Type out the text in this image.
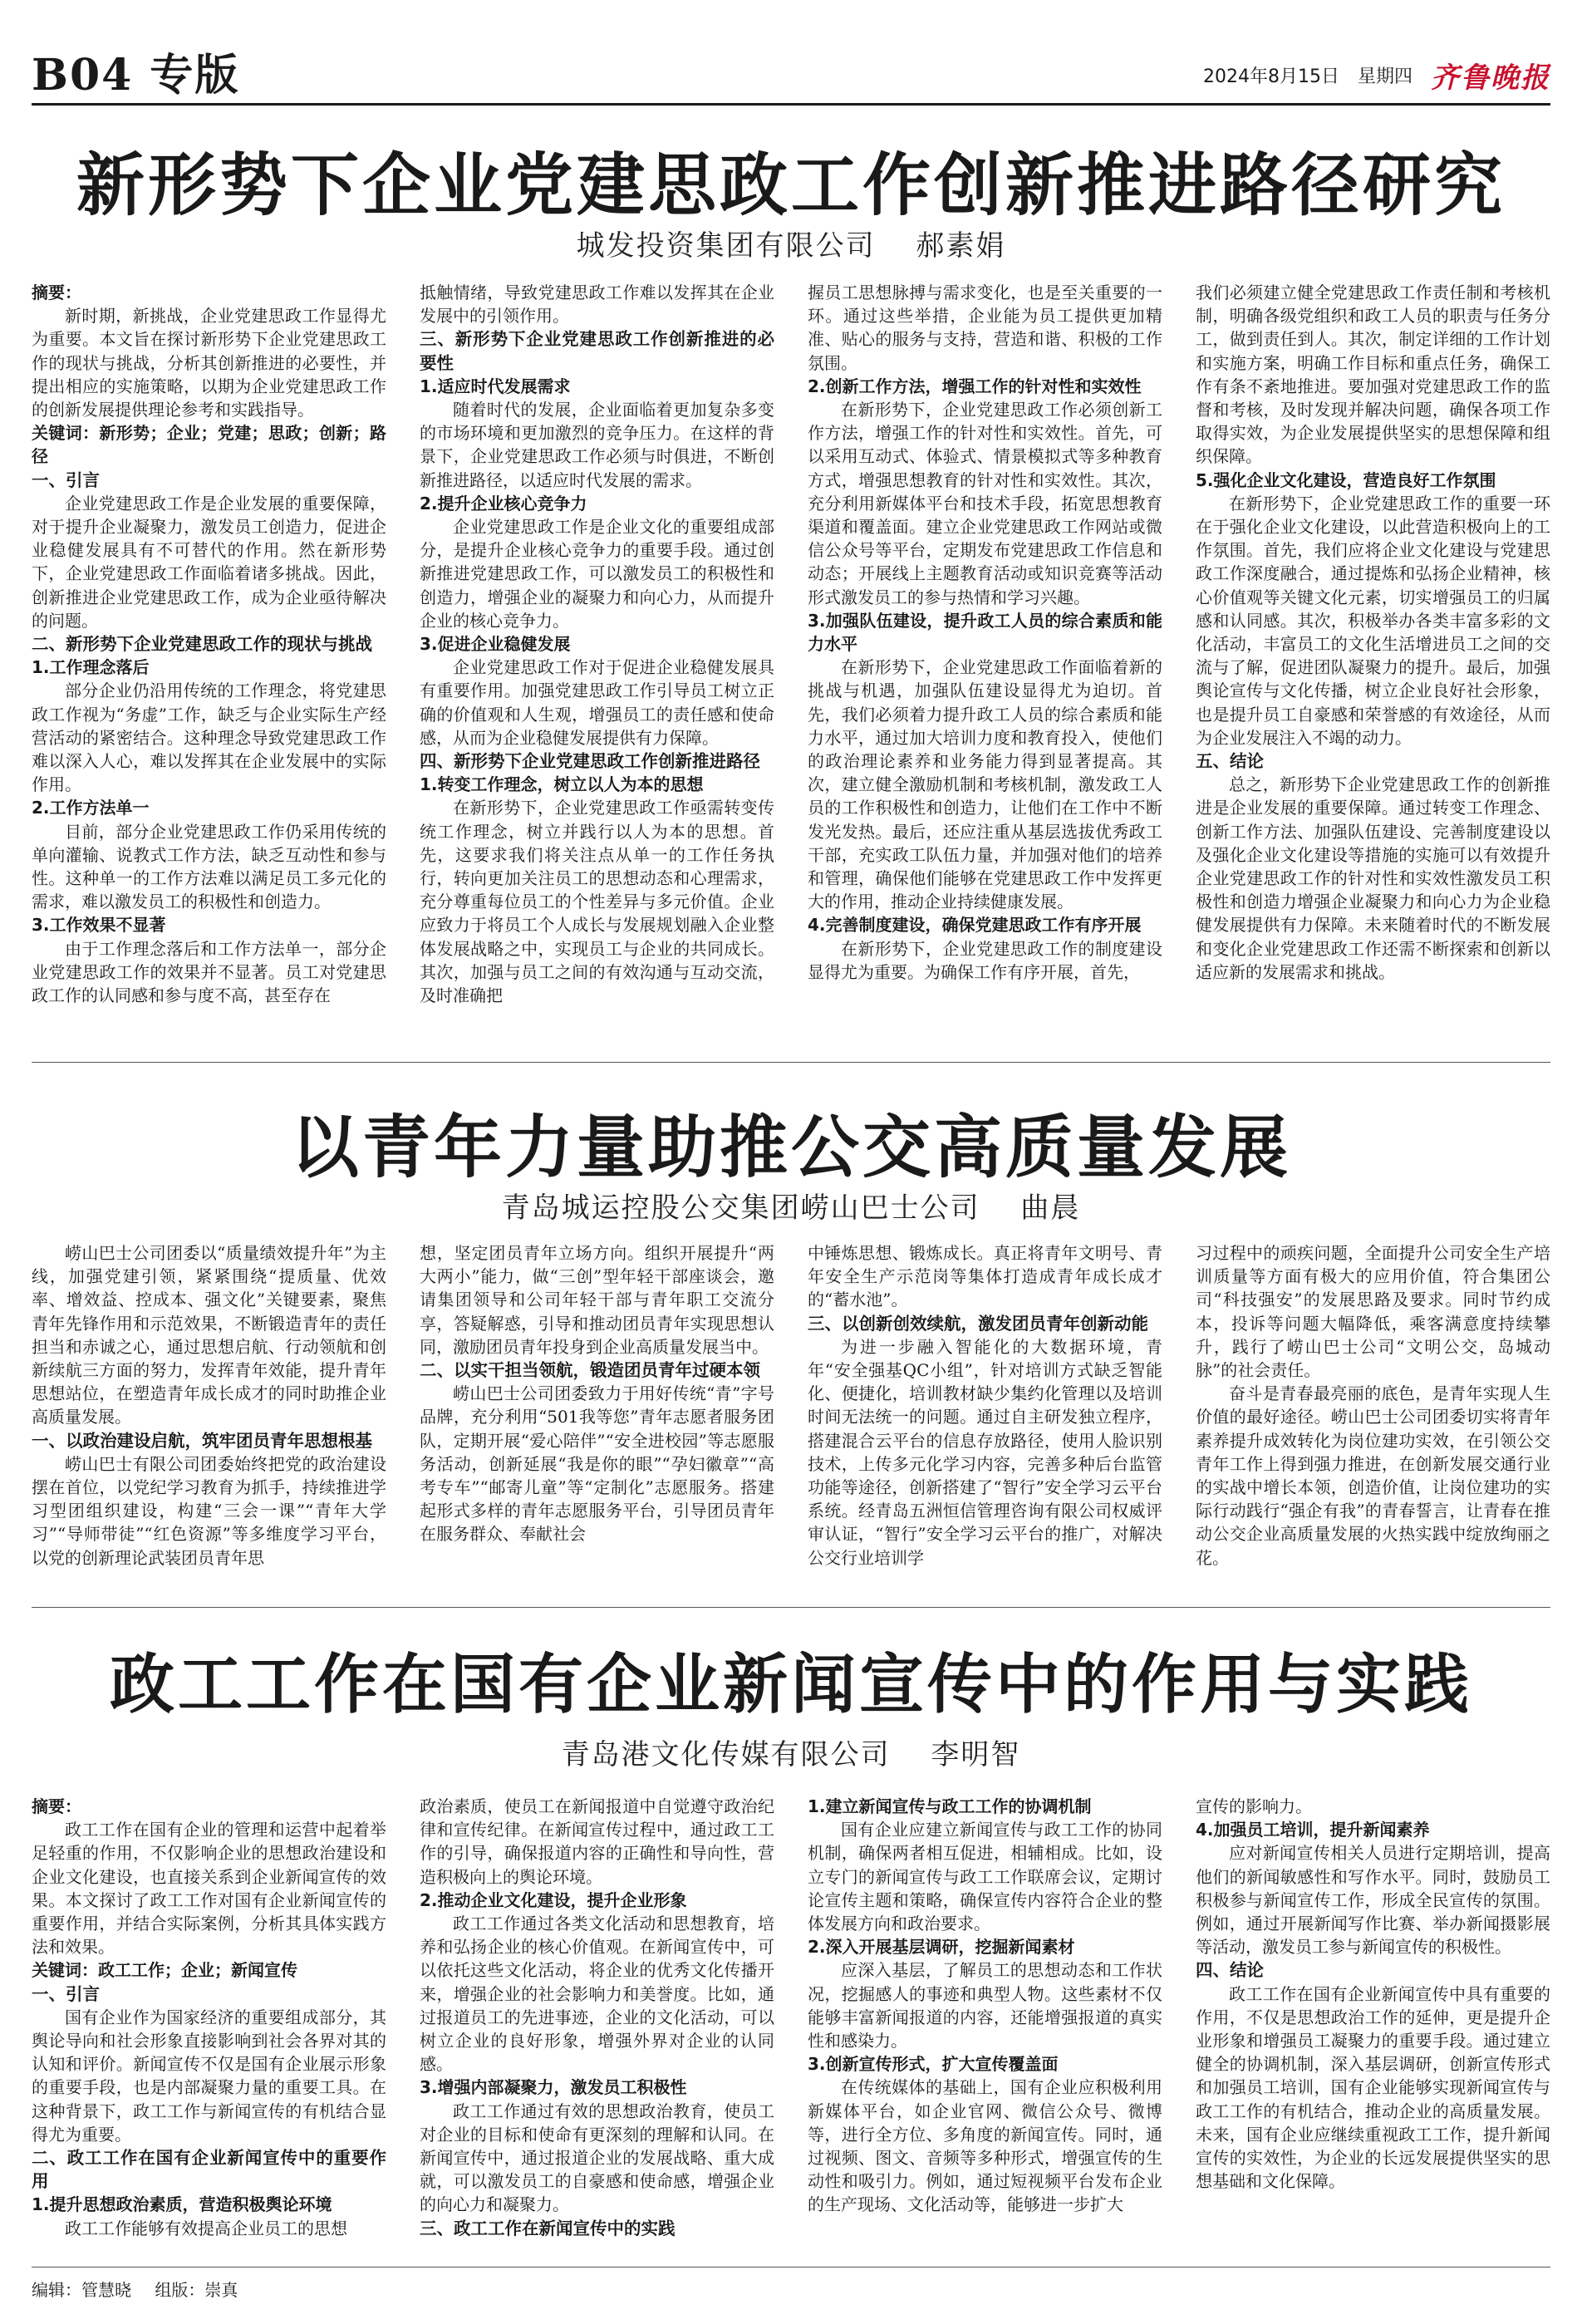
B04 专版	2024年8月15日 星期四 齐鲁晚报
新形势下企业党建思政工作创新推进路径研究
城发投资集团有限公司 郝素娟

摘要：

新时期，新挑战，企业党建思政工作显得尤为重要。本文旨在探讨新形势下企业党建思政工作的现状与挑战，分析其创新推进的必要性，并提出相应的实施策略，以期为企业党建思政工作的创新发展提供理论参考和实践指导。

关键词：新形势；企业；党建；思政；创新；路径

一、引言

企业党建思政工作是企业发展的重要保障，对于提升企业凝聚力，激发员工创造力，促进企业稳健发展具有不可替代的作用。然在新形势下，企业党建思政工作面临着诸多挑战。因此，创新推进企业党建思政工作，成为企业亟待解决的问题。

二、新形势下企业党建思政工作的现状与挑战
1.工作理念落后

部分企业仍沿用传统的工作理念，将党建思政工作视为“务虚”工作，缺乏与企业实际生产经营活动的紧密结合。这种理念导致党建思政工作难以深入人心，难以发挥其在企业发展中的实际作用。

2.工作方法单一

目前，部分企业党建思政工作仍采用传统的单向灌输、说教式工作方法，缺乏互动性和参与性。这种单一的工作方法难以满足员工多元化的需求，难以激发员工的积极性和创造力。

3.工作效果不显著

由于工作理念落后和工作方法单一，部分企业党建思政工作的效果并不显著。员工对党建思政工作的认同感和参与度不高，甚至存在

抵触情绪，导致党建思政工作难以发挥其在企业发展中的引领作用。

三、新形势下企业党建思政工作创新推进的必要性
1.适应时代发展需求

随着时代的发展，企业面临着更加复杂多变的市场环境和更加激烈的竞争压力。在这样的背景下，企业党建思政工作必须与时俱进，不断创新推进路径，以适应时代发展的需求。

2.提升企业核心竞争力

企业党建思政工作是企业文化的重要组成部分，是提升企业核心竞争力的重要手段。通过创新推进党建思政工作，可以激发员工的积极性和创造力，增强企业的凝聚力和向心力，从而提升企业的核心竞争力。

3.促进企业稳健发展

企业党建思政工作对于促进企业稳健发展具有重要作用。加强党建思政工作引导员工树立正确的价值观和人生观，增强员工的责任感和使命感，从而为企业稳健发展提供有力保障。

四、新形势下企业党建思政工作创新推进路径
1.转变工作理念，树立以人为本的思想

在新形势下，企业党建思政工作亟需转变传统工作理念，树立并践行以人为本的思想。首先，这要求我们将关注点从单一的工作任务执行，转向更加关注员工的思想动态和心理需求，充分尊重每位员工的个性差异与多元价值。企业应致力于将员工个人成长与发展规划融入企业整体发展战略之中，实现员工与企业的共同成长。其次，加强与员工之间的有效沟通与互动交流，及时准确把

握员工思想脉搏与需求变化，也是至关重要的一环。通过这些举措，企业能为员工提供更加精准、贴心的服务与支持，营造和谐、积极的工作氛围。

2.创新工作方法，增强工作的针对性和实效性

在新形势下，企业党建思政工作必须创新工作方法，增强工作的针对性和实效性。首先，可以采用互动式、体验式、情景模拟式等多种教育方式，增强思想教育的针对性和实效性。其次，充分利用新媒体平台和技术手段，拓宽思想教育渠道和覆盖面。建立企业党建思政工作网站或微信公众号等平台，定期发布党建思政工作信息和动态；开展线上主题教育活动或知识竞赛等活动形式激发员工的参与热情和学习兴趣。

3.加强队伍建设，提升政工人员的综合素质和能力水平

在新形势下，企业党建思政工作面临着新的挑战与机遇，加强队伍建设显得尤为迫切。首先，我们必须着力提升政工人员的综合素质和能力水平，通过加大培训力度和教育投入，使他们的政治理论素养和业务能力得到显著提高。其次，建立健全激励机制和考核机制，激发政工人员的工作积极性和创造力，让他们在工作中不断发光发热。最后，还应注重从基层选拔优秀政工干部，充实政工队伍力量，并加强对他们的培养和管理，确保他们能够在党建思政工作中发挥更大的作用，推动企业持续健康发展。

4.完善制度建设，确保党建思政工作有序开展

在新形势下，企业党建思政工作的制度建设显得尤为重要。为确保工作有序开展，首先，

我们必须建立健全党建思政工作责任制和考核机制，明确各级党组织和政工人员的职责与任务分工，做到责任到人。其次，制定详细的工作计划和实施方案，明确工作目标和重点任务，确保工作有条不紊地推进。要加强对党建思政工作的监督和考核，及时发现并解决问题，确保各项工作取得实效，为企业发展提供坚实的思想保障和组织保障。

5.强化企业文化建设，营造良好工作氛围

在新形势下，企业党建思政工作的重要一环在于强化企业文化建设，以此营造积极向上的工作氛围。首先，我们应将企业文化建设与党建思政工作深度融合，通过提炼和弘扬企业精神，核心价值观等关键文化元素，切实增强员工的归属感和认同感。其次，积极举办各类丰富多彩的文化活动，丰富员工的文化生活增进员工之间的交流与了解，促进团队凝聚力的提升。最后，加强舆论宣传与文化传播，树立企业良好社会形象，也是提升员工自豪感和荣誉感的有效途径，从而为企业发展注入不竭的动力。

五、结论

总之，新形势下企业党建思政工作的创新推进是企业发展的重要保障。通过转变工作理念、创新工作方法、加强队伍建设、完善制度建设以及强化企业文化建设等措施的实施可以有效提升企业党建思政工作的针对性和实效性激发员工积极性和创造力增强企业凝聚力和向心力为企业稳健发展提供有力保障。未来随着时代的不断发展和变化企业党建思政工作还需不断探索和创新以适应新的发展需求和挑战。

以青年力量助推公交高质量发展
青岛城运控股公交集团崂山巴士公司 曲晨

崂山巴士公司团委以“质量绩效提升年”为主线，加强党建引领，紧紧围绕“提质量、优效率、增效益、控成本、强文化”关键要素，聚焦青年先锋作用和示范效果，不断锻造青年的责任担当和赤诚之心，通过思想启航、行动领航和创新续航三方面的努力，发挥青年效能，提升青年思想站位，在塑造青年成长成才的同时助推企业高质量发展。

一、以政治建设启航，筑牢团员青年思想根基

崂山巴士有限公司团委始终把党的政治建设摆在首位，以党纪学习教育为抓手，持续推进学习型团组织建设，构建“三会一课”“青年大学习”“导师带徒”“红色资源”等多维度学习平台，以党的创新理论武装团员青年思

想，坚定团员青年立场方向。组织开展提升“两大两小”能力，做“三创”型年轻干部座谈会，邀请集团领导和公司年轻干部与青年职工交流分享，答疑解惑，引导和推动团员青年实现思想认同，激励团员青年投身到企业高质量发展当中。

二、以实干担当领航，锻造团员青年过硬本领

崂山巴士公司团委致力于用好传统“青”字号品牌，充分利用“501我等您”青年志愿者服务团队，定期开展“爱心陪伴”“安全进校园”等志愿服务活动，创新延展“我是你的眼”“孕妇徽章”“高考专车”“邮寄儿童”等“定制化”志愿服务。搭建起形式多样的青年志愿服务平台，引导团员青年在服务群众、奉献社会

中锤炼思想、锻炼成长。真正将青年文明号、青年安全生产示范岗等集体打造成青年成长成才的“蓄水池”。

三、以创新创效续航，激发团员青年创新动能

为进一步融入智能化的大数据环境，青年“安全强基QC小组”，针对培训方式缺乏智能化、便捷化，培训教材缺少集约化管理以及培训时间无法统一的问题。通过自主研发独立程序，搭建混合云平台的信息存放路径，使用人脸识别技术，上传多元化学习内容，完善多种后台监管功能等途径，创新搭建了“智行”安全学习云平台系统。经青岛五洲恒信管理咨询有限公司权威评审认证，“智行”安全学习云平台的推广，对解决公交行业培训学

习过程中的顽疾问题，全面提升公司安全生产培训质量等方面有极大的应用价值，符合集团公司“科技强安”的发展思路及要求。同时节约成本，投诉等问题大幅降低，乘客满意度持续攀升，践行了崂山巴士公司“文明公交，岛城动脉”的社会责任。

奋斗是青春最亮丽的底色，是青年实现人生价值的最好途径。崂山巴士公司团委切实将青年素养提升成效转化为岗位建功实效，在引领公交青年工作上得到强力推进，在创新发展交通行业的实战中增长本领，创造价值，让岗位建功的实际行动践行“强企有我”的青春誓言，让青春在推动公交企业高质量发展的火热实践中绽放绚丽之花。

政工工作在国有企业新闻宣传中的作用与实践
青岛港文化传媒有限公司 李明智

摘要：

政工工作在国有企业的管理和运营中起着举足轻重的作用，不仅影响企业的思想政治建设和企业文化建设，也直接关系到企业新闻宣传的效果。本文探讨了政工工作对国有企业新闻宣传的重要作用，并结合实际案例，分析其具体实践方法和效果。

关键词：政工工作；企业；新闻宣传

一、引言

国有企业作为国家经济的重要组成部分，其舆论导向和社会形象直接影响到社会各界对其的认知和评价。新闻宣传不仅是国有企业展示形象的重要手段，也是内部凝聚力量的重要工具。在这种背景下，政工工作与新闻宣传的有机结合显得尤为重要。

二、政工工作在国有企业新闻宣传中的重要作用
1.提升思想政治素质，营造积极舆论环境

政工工作能够有效提高企业员工的思想

政治素质，使员工在新闻报道中自觉遵守政治纪律和宣传纪律。在新闻宣传过程中，通过政工工作的引导，确保报道内容的正确性和导向性，营造积极向上的舆论环境。

2.推动企业文化建设，提升企业形象

政工工作通过各类文化活动和思想教育，培养和弘扬企业的核心价值观。在新闻宣传中，可以依托这些文化活动，将企业的优秀文化传播开来，增强企业的社会影响力和美誉度。比如，通过报道员工的先进事迹，企业的文化活动，可以树立企业的良好形象，增强外界对企业的认同感。

3.增强内部凝聚力，激发员工积极性

政工工作通过有效的思想政治教育，使员工对企业的目标和使命有更深刻的理解和认同。在新闻宣传中，通过报道企业的发展战略、重大成就，可以激发员工的自豪感和使命感，增强企业的向心力和凝聚力。

三、政工工作在新闻宣传中的实践
1.建立新闻宣传与政工工作的协调机制

国有企业应建立新闻宣传与政工工作的协同机制，确保两者相互促进，相辅相成。比如，设立专门的新闻宣传与政工工作联席会议，定期讨论宣传主题和策略，确保宣传内容符合企业的整体发展方向和政治要求。

2.深入开展基层调研，挖掘新闻素材

应深入基层，了解员工的思想动态和工作状况，挖掘感人的事迹和典型人物。这些素材不仅能够丰富新闻报道的内容，还能增强报道的真实性和感染力。

3.创新宣传形式，扩大宣传覆盖面

在传统媒体的基础上，国有企业应积极利用新媒体平台，如企业官网、微信公众号、微博等，进行全方位、多角度的新闻宣传。同时，通过视频、图文、音频等多种形式，增强宣传的生动性和吸引力。例如，通过短视频平台发布企业的生产现场、文化活动等，能够进一步扩大

宣传的影响力。

4.加强员工培训，提升新闻素养

应对新闻宣传相关人员进行定期培训，提高他们的新闻敏感性和写作水平。同时，鼓励员工积极参与新闻宣传工作，形成全民宣传的氛围。例如，通过开展新闻写作比赛、举办新闻摄影展等活动，激发员工参与新闻宣传的积极性。

四、结论

政工工作在国有企业新闻宣传中具有重要的作用，不仅是思想政治工作的延伸，更是提升企业形象和增强员工凝聚力的重要手段。通过建立健全的协调机制，深入基层调研，创新宣传形式和加强员工培训，国有企业能够实现新闻宣传与政工工作的有机结合，推动企业的高质量发展。未来，国有企业应继续重视政工工作，提升新闻宣传的实效性，为企业的长远发展提供坚实的思想基础和文化保障。

编辑：管慧晓 组版：崇真
